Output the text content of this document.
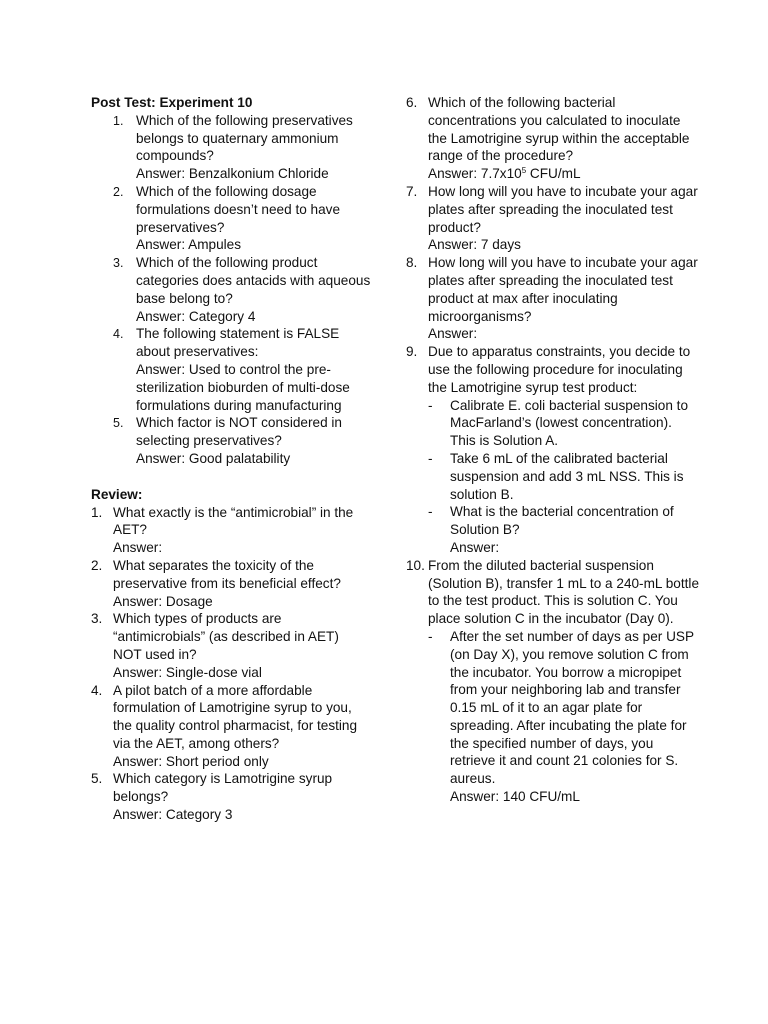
Post Test: Experiment 10
1. Which of the following preservatives belongs to quaternary ammonium compounds?
Answer: Benzalkonium Chloride
2. Which of the following dosage formulations doesn’t need to have preservatives?
Answer: Ampules
3. Which of the following product categories does antacids with aqueous base belong to?
Answer: Category 4
4. The following statement is FALSE about preservatives:
Answer: Used to control the pre-sterilization bioburden of multi-dose formulations during manufacturing
5. Which factor is NOT considered in selecting preservatives?
Answer: Good palatability
Review:
1. What exactly is the “antimicrobial” in the AET?
Answer:
2. What separates the toxicity of the preservative from its beneficial effect?
Answer: Dosage
3. Which types of products are “antimicrobials” (as described in AET) NOT used in?
Answer: Single-dose vial
4. A pilot batch of a more affordable formulation of Lamotrigine syrup to you, the quality control pharmacist, for testing via the AET, among others?
Answer: Short period only
5. Which category is Lamotrigine syrup belongs?
Answer: Category 3
6. Which of the following bacterial concentrations you calculated to inoculate the Lamotrigine syrup within the acceptable range of the procedure?
Answer: $7.7x10^5$ CFU/mL
7. How long will you have to incubate your agar plates after spreading the inoculated test product?
Answer: 7 days
8. How long will you have to incubate your agar plates after spreading the inoculated test product at max after inoculating microorganisms?
Answer:
9. Due to apparatus constraints, you decide to use the following procedure for inoculating the Lamotrigine syrup test product:
-	Calibrate E. coli bacterial suspension to MacFarland’s (lowest concentration). This is Solution A.
-	Take 6 mL of the calibrated bacterial suspension and add 3 mL NSS. This is solution B.
-	What is the bacterial concentration of Solution B?
Answer:
10. From the diluted bacterial suspension (Solution B), transfer 1 mL to a 240-mL bottle to the test product. This is solution C. You place solution C in the incubator (Day 0).
-	After the set number of days as per USP (on Day X), you remove solution C from the incubator. You borrow a micropipet from your neighboring lab and transfer 0.15 mL of it to an agar plate for spreading. After incubating the plate for the specified number of days, you retrieve it and count 21 colonies for S. aureus.
Answer: 140 CFU/mL
